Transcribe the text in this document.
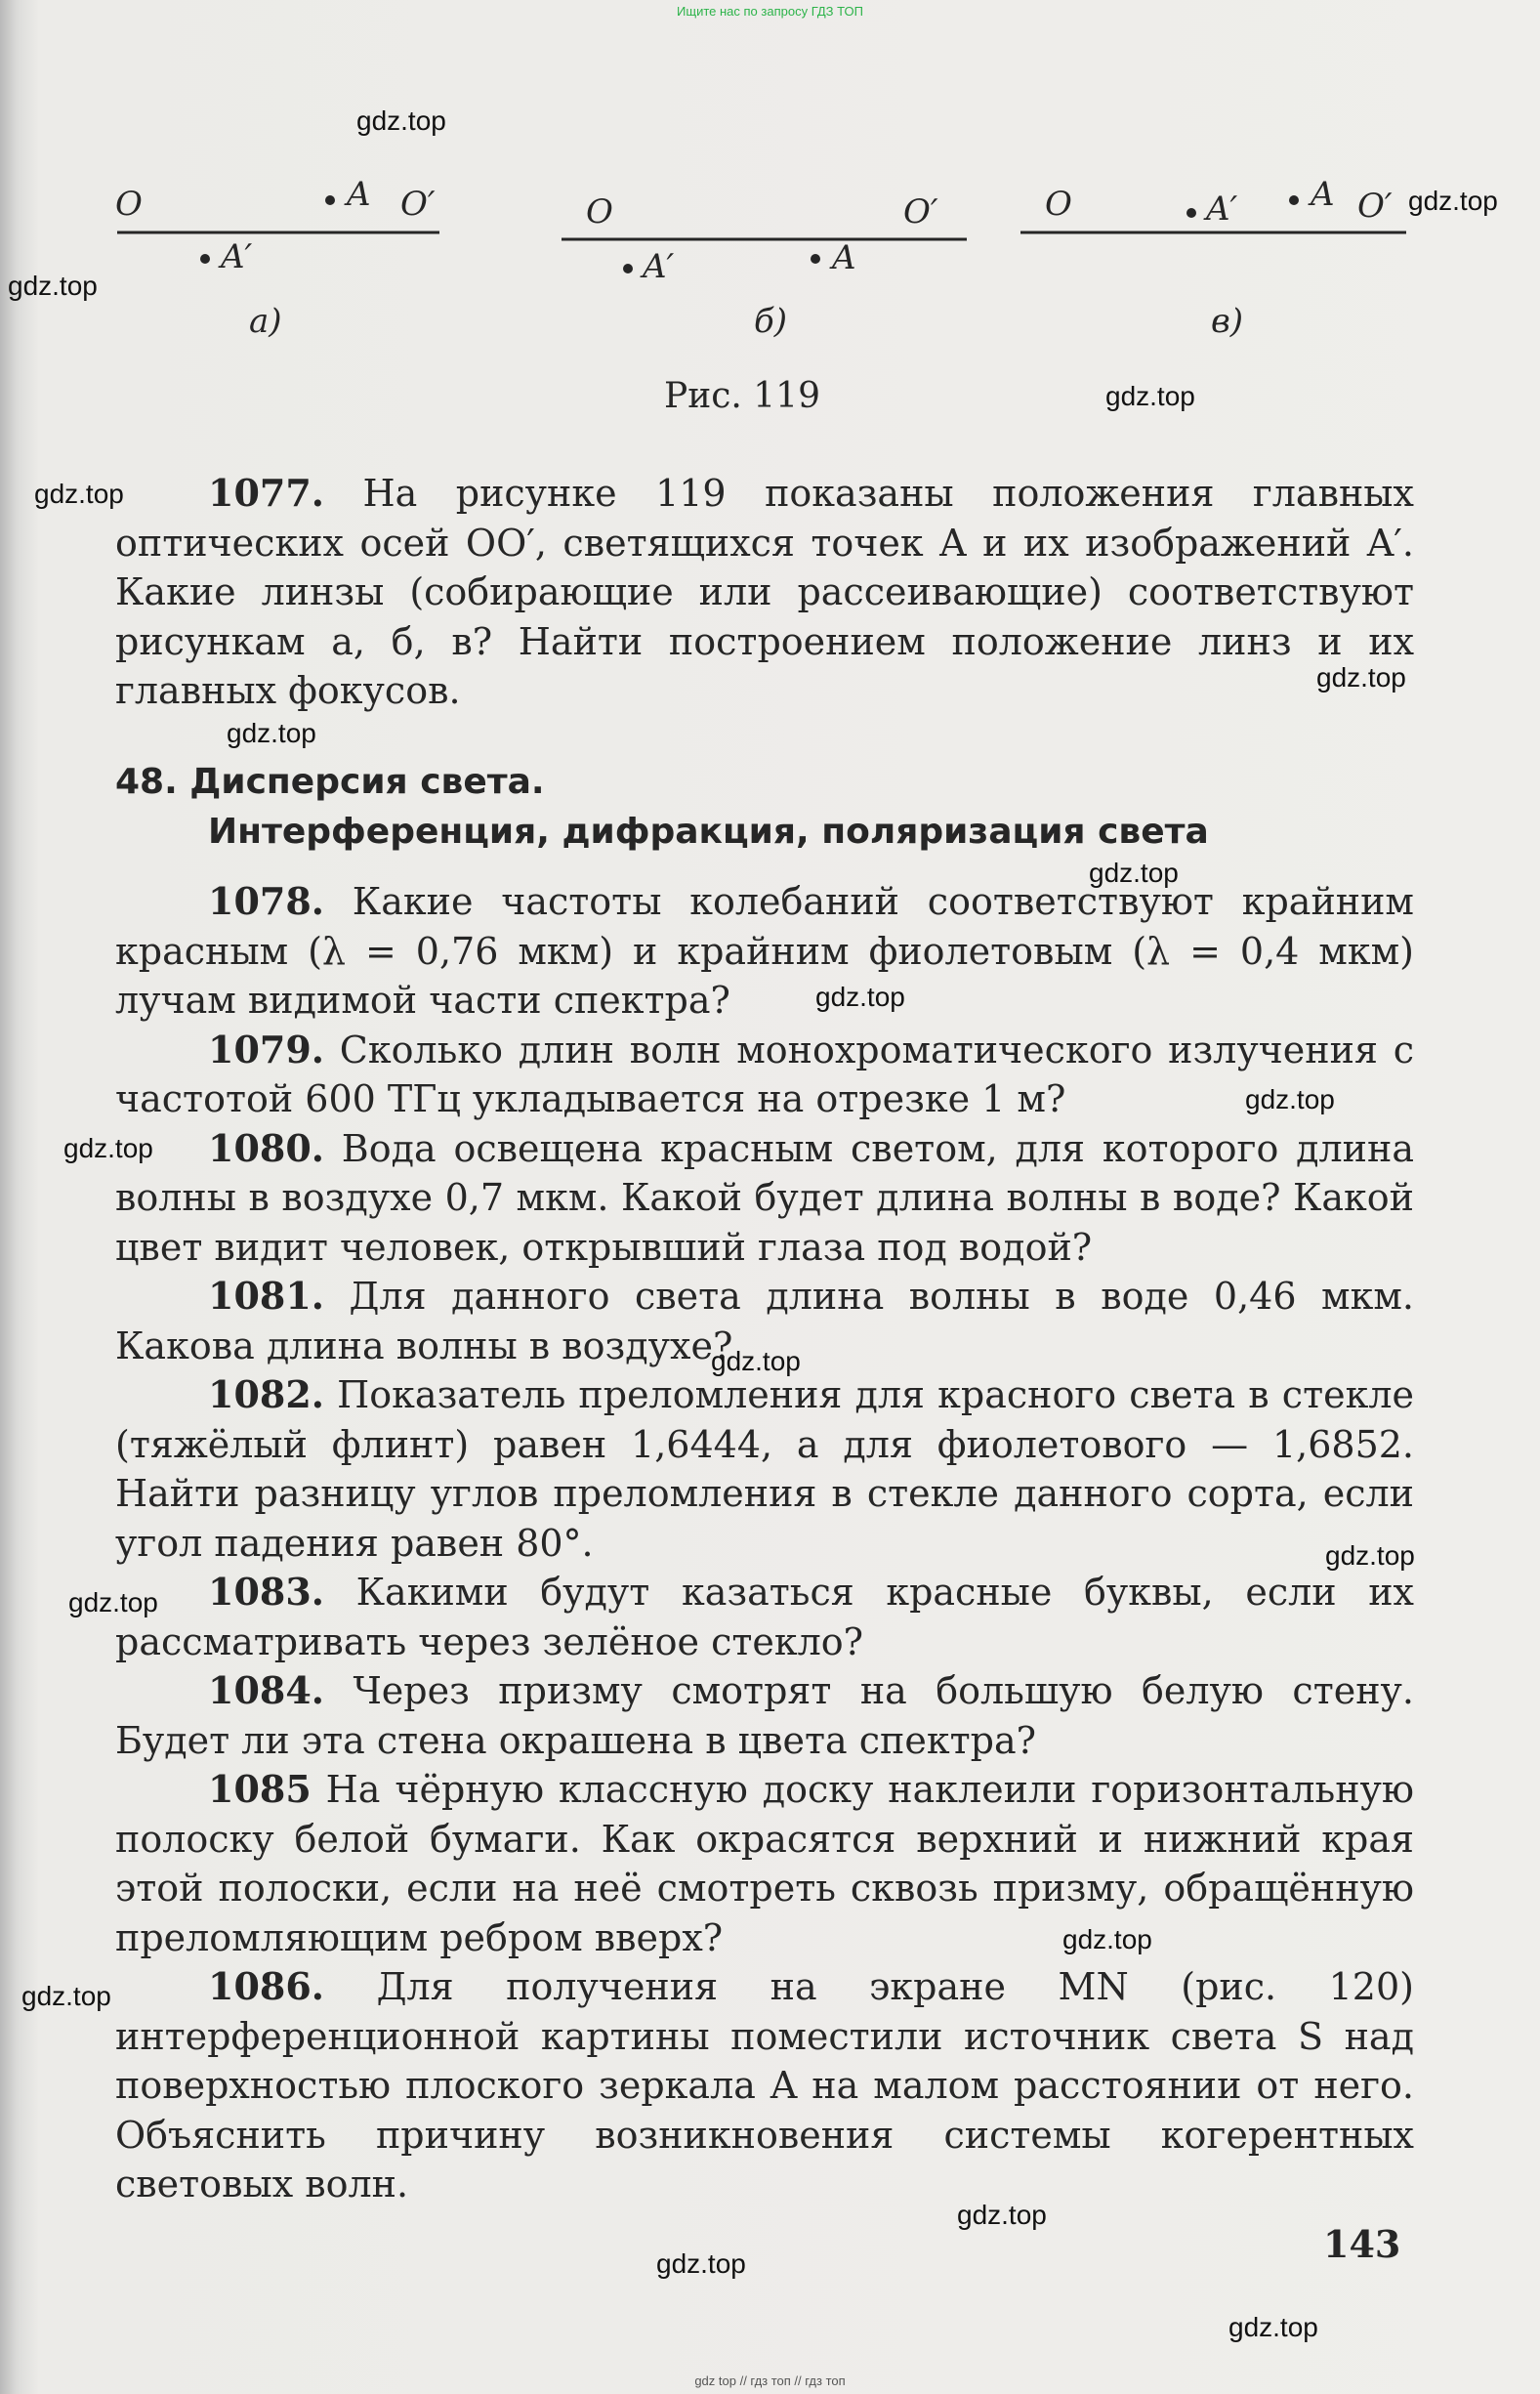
Ищите нас по запросу ГДЗ ТОП
O	O′
A
A′
а)
O	O′
A
A′
б)
O	O′
A
A′
в)
Рис. 119

1077. На рисунке 119 показаны положения главных оптических осей OO′, светящихся точек A и их изображений A′. Какие линзы (собирающие или рассеивающие) соответствуют рисункам а, б, в? Найти построением положение линз и их главных фокусов.

48. Дисперсия света.
Интерференция, дифракция, поляризация света

1078. Какие частоты колебаний соответствуют крайним красным (λ = 0,76 мкм) и крайним фиолетовым (λ = 0,4 мкм) лучам видимой части спектра?

1079. Сколько длин волн монохроматического излучения с частотой 600 ТГц укладывается на отрезке 1 м?

1080. Вода освещена красным светом, для которого длина волны в воздухе 0,7 мкм. Какой будет длина волны в воде? Какой цвет видит человек, открывший глаза под водой?

1081. Для данного света длина волны в воде 0,46 мкм. Какова длина волны в воздухе?

1082. Показатель преломления для красного света в стекле (тяжёлый флинт) равен 1,6444, а для фиолетового — 1,6852. Найти разницу углов преломления в стекле данного сорта, если угол падения равен 80°.

1083. Какими будут казаться красные буквы, если их рассматривать через зелёное стекло?

1084. Через призму смотрят на большую белую стену. Будет ли эта стена окрашена в цвета спектра?

1085 На чёрную классную доску наклеили горизонтальную полоску белой бумаги. Как окрасятся верхний и нижний края этой полоски, если на неё смотреть сквозь призму, обращённую преломляющим ребром вверх?

1086. Для получения на экране MN (рис. 120) интерференционной картины поместили источник света S над поверхностью плоского зеркала A на малом расстоянии от него. Объяснить причину возникновения системы когерентных световых волн.

143
gdz.top
gdz.top
gdz.top
gdz.top
gdz.top
gdz.top
gdz.top
gdz.top
gdz.top
gdz.top
gdz.top
gdz.top
gdz.top
gdz.top
gdz.top
gdz.top
gdz.top
gdz.top
gdz.top
gdz top // гдз топ // гдз топ
